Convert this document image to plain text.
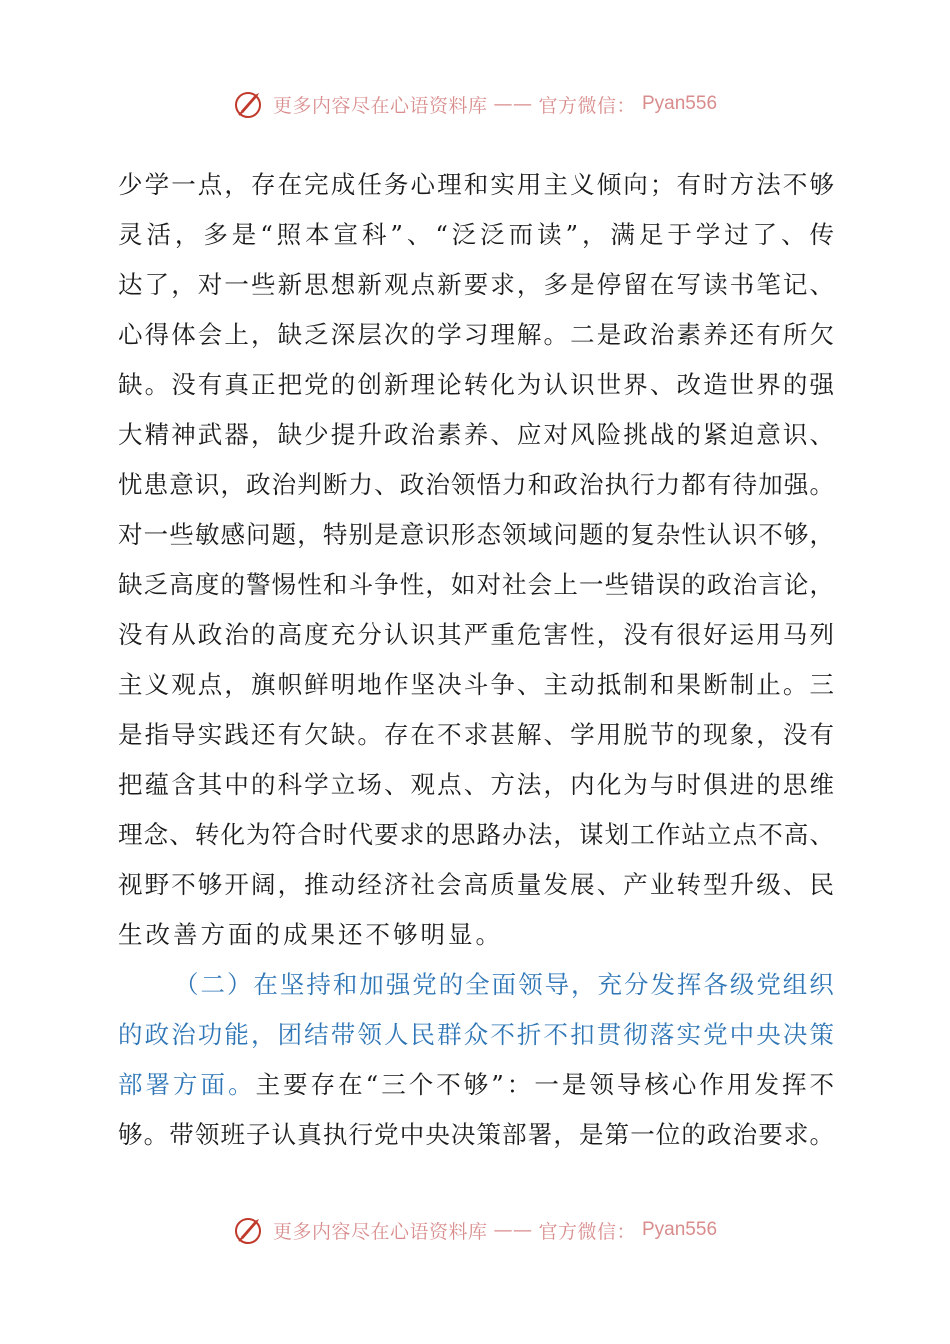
更多内容尽在心语资料库 —— 官方微信： Pyan556
少 学 一 点 ， 存 在 完 成 任 务 心 理 和 实 用 主 义 倾 向 ； 有 时 方 法 不 够
灵 活 ， 多 是 “ 照 本 宣 科 ” 、 “ 泛 泛 而 读 ” ， 满 足 于 学 过 了 、 传
达 了 ， 对 一 些 新 思 想 新 观 点 新 要 求 ， 多 是 停 留 在 写 读 书 笔 记 、
心 得 体 会 上 ， 缺 乏 深 层 次 的 学 习 理 解 。 二 是 政 治 素 养 还 有 所 欠
缺 。 没 有 真 正 把 党 的 创 新 理 论 转 化 为 认 识 世 界 、 改 造 世 界 的 强
大 精 神 武 器 ， 缺 少 提 升 政 治 素 养 、 应 对 风 险 挑 战 的 紧 迫 意 识 、
忧 患 意 识 ， 政 治 判 断 力 、 政 治 领 悟 力 和 政 治 执 行 力 都 有 待 加 强 。
对 一 些 敏 感 问 题 ， 特 别 是 意 识 形 态 领 域 问 题 的 复 杂 性 认 识 不 够 ，
缺 乏 高 度 的 警 惕 性 和 斗 争 性 ， 如 对 社 会 上 一 些 错 误 的 政 治 言 论 ，
没 有 从 政 治 的 高 度 充 分 认 识 其 严 重 危 害 性 ， 没 有 很 好 运 用 马 列
主 义 观 点 ， 旗 帜 鲜 明 地 作 坚 决 斗 争 、 主 动 抵 制 和 果 断 制 止 。 三
是 指 导 实 践 还 有 欠 缺 。 存 在 不 求 甚 解 、 学 用 脱 节 的 现 象 ， 没 有
把 蕴 含 其 中 的 科 学 立 场 、 观 点 、 方 法 ， 内 化 为 与 时 俱 进 的 思 维
理 念 、 转 化 为 符 合 时 代 要 求 的 思 路 办 法 ， 谋 划 工 作 站 立 点 不 高 、
视 野 不 够 开 阔 ， 推 动 经 济 社 会 高 质 量 发 展 、 产 业 转 型 升 级 、 民
生改善方面的成果还不够明显。
（ 二 ） 在 坚 持 和 加 强 党 的 全 面 领 导 ， 充 分 发 挥 各 级 党 组 织
的 政 治 功 能 ， 团 结 带 领 人 民 群 众 不 折 不 扣 贯 彻 落 实 党 中 央 决 策
部 署 方 面 。 主 要 存 在 “ 三 个 不 够 ” ： 一 是 领 导 核 心 作 用 发 挥 不
够 。 带 领 班 子 认 真 执 行 党 中 央 决 策 部 署 ， 是 第 一 位 的 政 治 要 求 。
更多内容尽在心语资料库 —— 官方微信： Pyan556
